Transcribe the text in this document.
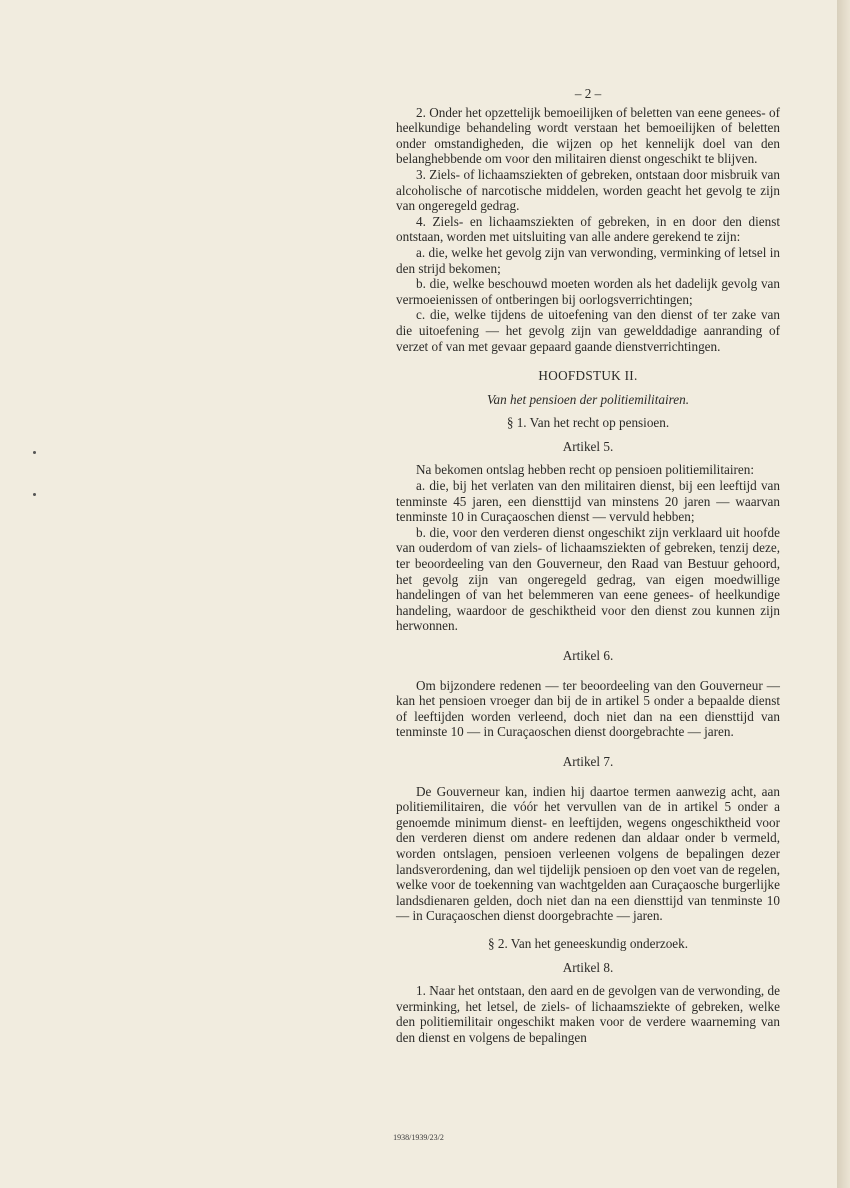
– 2 –

2. Onder het opzettelijk bemoeilijken of beletten van eene genees- of heelkundige behandeling wordt verstaan het bemoeilijken of beletten onder omstandigheden, die wijzen op het kennelijk doel van den belanghebbende om voor den militairen dienst ongeschikt te blijven.

3. Ziels- of lichaamsziekten of gebreken, ontstaan door misbruik van alcoholische of narcotische middelen, worden geacht het gevolg te zijn van ongeregeld gedrag.

4. Ziels- en lichaamsziekten of gebreken, in en door den dienst ontstaan, worden met uitsluiting van alle andere gerekend te zijn:

a. die, welke het gevolg zijn van verwonding, verminking of letsel in den strijd bekomen;

b. die, welke beschouwd moeten worden als het dadelijk gevolg van vermoeienissen of ontberingen bij oorlogsverrichtingen;

c. die, welke tijdens de uitoefening van den dienst of ter zake van die uitoefening — het gevolg zijn van gewelddadige aanranding of verzet of van met gevaar gepaard gaande dienstverrichtingen.

HOOFDSTUK II.
Van het pensioen der politiemilitairen.
§ 1. Van het recht op pensioen.
Artikel 5.

Na bekomen ontslag hebben recht op pensioen politiemilitairen:

a. die, bij het verlaten van den militairen dienst, bij een leeftijd van tenminste 45 jaren, een diensttijd van minstens 20 jaren — waarvan tenminste 10 in Curaçaoschen dienst — vervuld hebben;

b. die, voor den verderen dienst ongeschikt zijn verklaard uit hoofde van ouderdom of van ziels- of lichaamsziekten of gebreken, tenzij deze, ter beoordeeling van den Gouverneur, den Raad van Bestuur gehoord, het gevolg zijn van ongeregeld gedrag, van eigen moedwillige handelingen of van het belemmeren van eene genees- of heelkundige handeling, waardoor de geschiktheid voor den dienst zou kunnen zijn herwonnen.

Artikel 6.

Om bijzondere redenen — ter beoordeeling van den Gouverneur — kan het pensioen vroeger dan bij de in artikel 5 onder a bepaalde dienst of leeftijden worden verleend, doch niet dan na een diensttijd van tenminste 10 — in Curaçaoschen dienst doorgebrachte — jaren.

Artikel 7.

De Gouverneur kan, indien hij daartoe termen aanwezig acht, aan politiemilitairen, die vóór het vervullen van de in artikel 5 onder a genoemde minimum dienst- en leeftijden, wegens ongeschiktheid voor den verderen dienst om andere redenen dan aldaar onder b vermeld, worden ontslagen, pensioen verleenen volgens de bepalingen dezer landsverordening, dan wel tijdelijk pensioen op den voet van de regelen, welke voor de toekenning van wachtgelden aan Curaçaosche burgerlijke landsdienaren gelden, doch niet dan na een diensttijd van tenminste 10 — in Curaçaoschen dienst doorgebrachte — jaren.

§ 2. Van het geneeskundig onderzoek.
Artikel 8.

1. Naar het ontstaan, den aard en de gevolgen van de verwonding, de verminking, het letsel, de ziels- of lichaamsziekte of gebreken, welke den politiemilitair ongeschikt maken voor de verdere waarneming van den dienst en volgens de bepalingen

1938/1939/23/2
